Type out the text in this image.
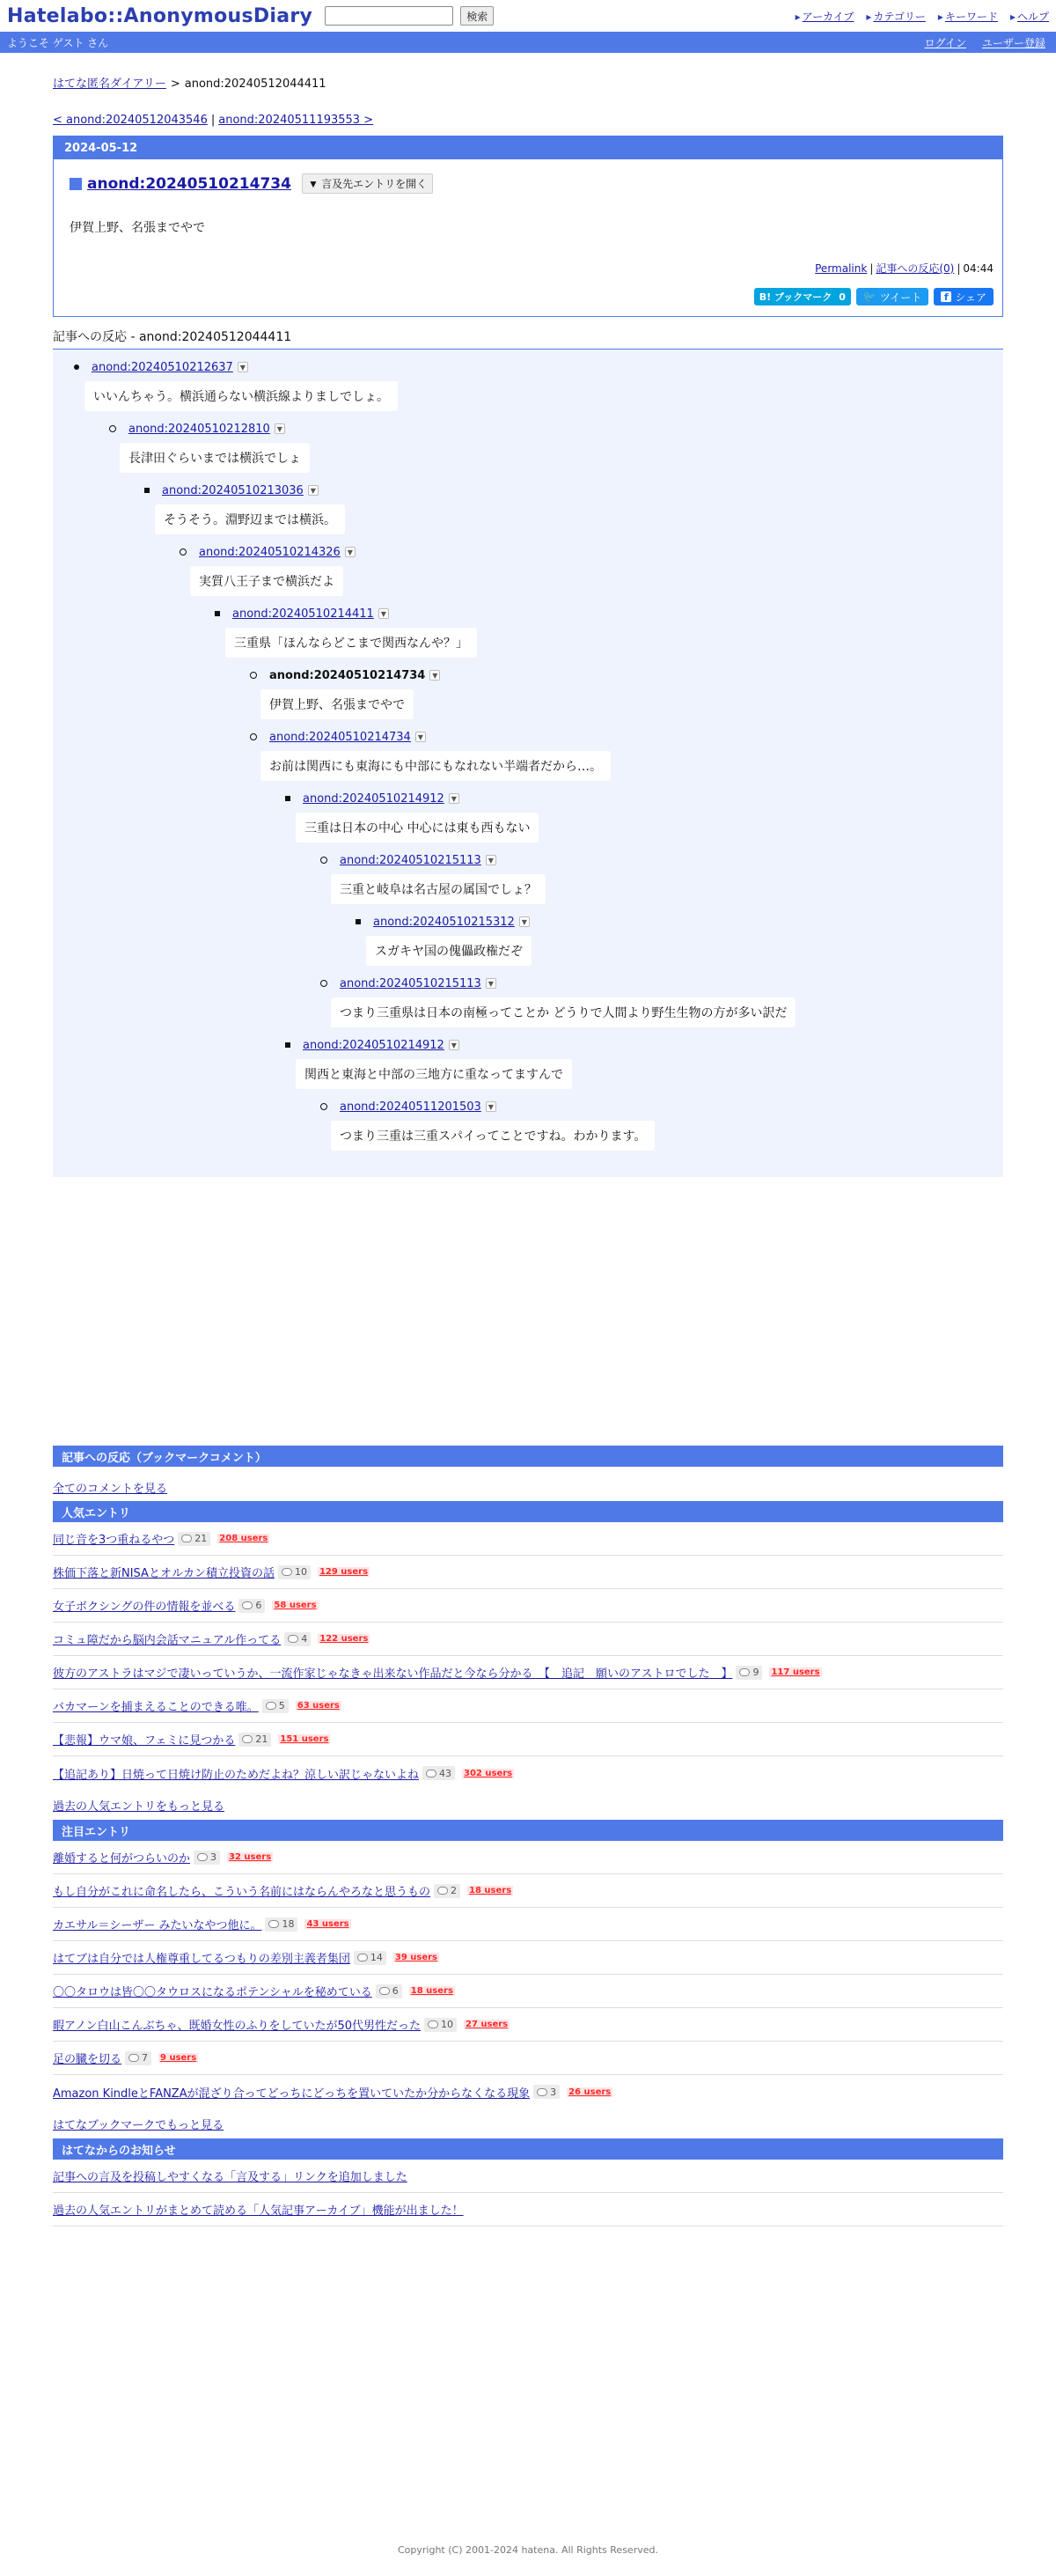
Hatelabo::AnonymousDiary	検索	▸ アーカイブ	▸ カテゴリー	▸ キーワード	▸ ヘルプ
ようこそ ゲスト さん	ログイン ユーザー登録
はてな匿名ダイアリー > anond:20240512044411
< anond:20240512043546 | anond:20240511193553 >
2024-05-12
anond:20240510214734	▼ 言及先エントリを開く
伊賀上野、名張までやで
Permalink | 記事への反応(0) | 04:44
B! ブックマーク 0 🐦 ツイート	f シェア
記事への反応 - anond:20240512044411
anond:20240510212637 ▼
いいんちゃう。横浜通らない横浜線よりましでしょ。
anond:20240510212810 ▼
長津田ぐらいまでは横浜でしょ
anond:20240510213036 ▼
そうそう。淵野辺までは横浜。
anond:20240510214326 ▼
実質八王子まで横浜だよ
anond:20240510214411 ▼
三重県「ほんならどこまで関西なんや？」
anond:20240510214734 ▼
伊賀上野、名張までやで
anond:20240510214734 ▼
お前は関西にも東海にも中部にもなれない半端者だから…。
anond:20240510214912 ▼
三重は日本の中心 中心には東も西もない
anond:20240510215113 ▼
三重と岐阜は名古屋の属国でしょ？
anond:20240510215312 ▼
スガキヤ国の傀儡政権だぞ
anond:20240510215113 ▼
つまり三重県は日本の南極ってことか どうりで人間より野生生物の方が多い訳だ
anond:20240510214912 ▼
関西と東海と中部の三地方に重なってますんで
anond:20240511201503 ▼
つまり三重は三重スパイってことですね。わかります。
記事への反応（ブックマークコメント）
全てのコメントを見る
人気エントリ
同じ音を3つ重ねるやつ 21 208 users
株価下落と新NISAとオルカン積立投資の話 10 129 users
女子ボクシングの件の情報を並べる 6 58 users
コミュ障だから脳内会話マニュアル作ってる 4 122 users
彼方のアストラはマジで凄いっていうか、一流作家じゃなきゃ出来ない作品だと今なら分かる　【　追記　願いのアストロでした　】 9 117 users
バカマーンを捕まえることのできる唯。 5 63 users
【悲報】ウマ娘、フェミに見つかる 21 151 users
【追記あり】日焼って日焼け防止のためだよね？涼しい訳じゃないよね 43 302 users
過去の人気エントリをもっと見る
注目エントリ
離婚すると何がつらいのか 3 32 users
もし自分がこれに命名したら、こういう名前にはならんやろなと思うもの 2 18 users
カエサル＝シーザー みたいなやつ他に。 18 43 users
はてブは自分では人権尊重してるつもりの差別主義者集団 14 39 users
〇〇タロウは皆〇〇タウロスになるポテンシャルを秘めている 6 18 users
暇アノン白山こんぶちゃ、既婚女性のふりをしていたが50代男性だった 10 27 users
足の臓を切る 7 9 users
Amazon KindleとFANZAが混ざり合ってどっちにどっちを置いていたか分からなくなる現象 3 26 users
はてなブックマークでもっと見る
はてなからのお知らせ
記事への言及を投稿しやすくなる「言及する」リンクを追加しました
過去の人気エントリがまとめて読める「人気記事アーカイブ」機能が出ました！
Copyright (C) 2001-2024 hatena. All Rights Reserved.
